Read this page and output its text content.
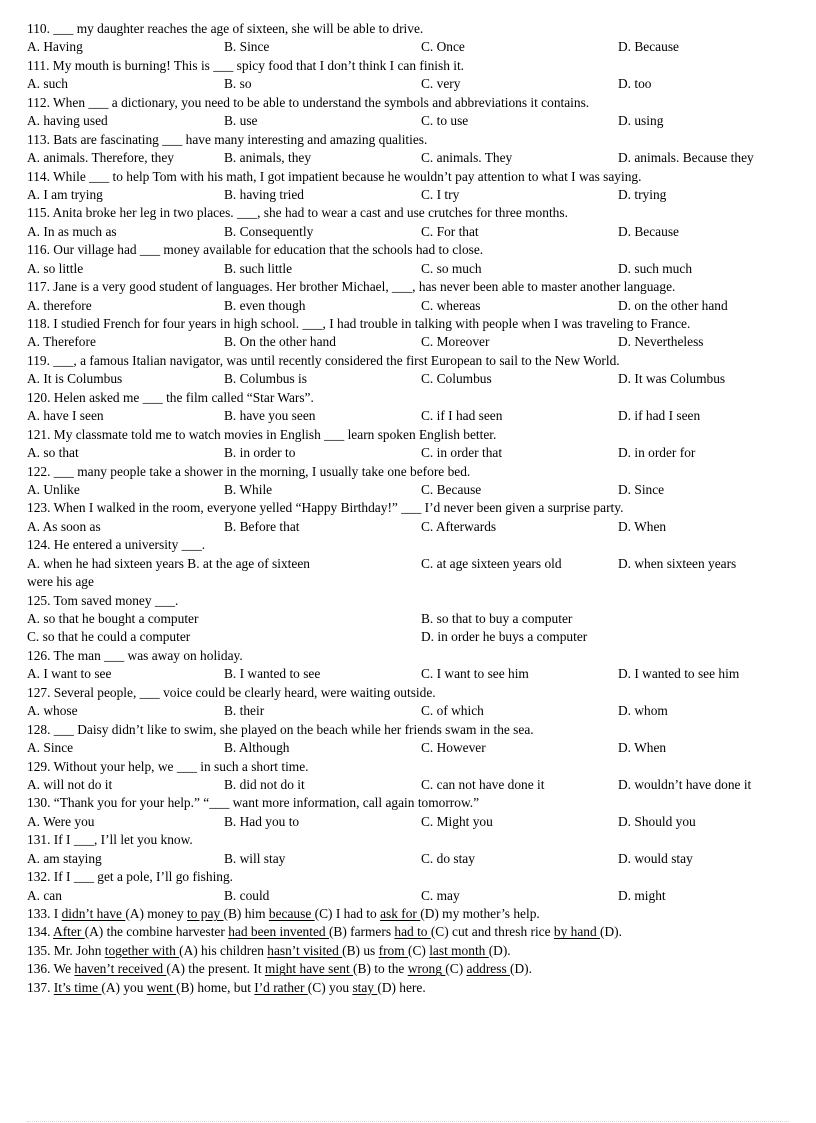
110. ___ my daughter reaches the age of sixteen, she will be able to drive.
A. Having	B. Since	C. Once	D. Because
111. My mouth is burning! This is ___ spicy food that I don’t think I can finish it.
A. such	B. so	C. very	D. too
112. When ___ a dictionary, you need to be able to understand the symbols and abbreviations it contains.
A. having used	B. use	C. to use	D. using
113. Bats are fascinating ___ have many interesting and amazing qualities.
A. animals. Therefore, they	B. animals, they	C. animals. They	D. animals. Because they
114. While ___ to help Tom with his math, I got impatient because he wouldn’t pay attention to what I was saying.
A. I am trying	B. having tried	C. I try	D. trying
115. Anita broke her leg in two places. ___, she had to wear a cast and use crutches for three months.
A. In as much as	B. Consequently	C. For that	D. Because
116. Our village had ___ money available for education that the schools had to close.
A. so little	B. such little	C. so much	D. such much
117. Jane is a very good student of languages. Her brother Michael, ___, has never been able to master another language.
A. therefore	B. even though	C. whereas	D. on the other hand
118. I studied French for four years in high school. ___, I had trouble in talking with people when I was traveling to France.
A. Therefore	B. On the other hand	C. Moreover	D. Nevertheless
119. ___, a famous Italian navigator, was until recently considered the first European to sail to the New World.
A. It is Columbus	B. Columbus is	C. Columbus	D. It was Columbus
120. Helen asked me ___ the film called “Star Wars”.
A. have I seen	B. have you seen	C. if I had seen	D. if had I seen
121. My classmate told me to watch movies in English ___ learn spoken English better.
A. so that	B. in order to	C. in order that	D. in order for
122. ___ many people take a shower in the morning, I usually take one before bed.
A. Unlike	B. While	C. Because	D. Since
123. When I walked in the room, everyone yelled “Happy Birthday!” ___ I’d never been given a surprise party.
A. As soon as	B. Before that	C. Afterwards	D. When
124. He entered a university ___.
A. when he had sixteen years B. at the age of sixteen	C. at age sixteen years old	D. when sixteen years
were his age
125. Tom saved money ___.
A. so that he bought a computer	B. so that to buy a computer
C. so that he could a computer	D. in order he buys a computer
126. The man ___ was away on holiday.
A. I want to see	B. I wanted to see	C. I want to see him	D. I wanted to see him
127. Several people, ___ voice could be clearly heard, were waiting outside.
A. whose	B. their	C. of which	D. whom
128. ___ Daisy didn’t like to swim, she played on the beach while her friends swam in the sea.
A. Since	B. Although	C. However	D. When
129. Without your help, we ___ in such a short time.
A. will not do it	B. did not do it	C. can not have done it	D. wouldn’t have done it
130. “Thank you for your help.” “___ want more information, call again tomorrow.”
A. Were you	B. Had you to	C. Might you	D. Should you
131. If I ___, I’ll let you know.
A. am staying	B. will stay	C. do stay	D. would stay
132. If I ___ get a pole, I’ll go fishing.
A. can	B. could	C. may	D. might
133. I didn’t have (A) money to pay (B) him because (C) I had to ask for (D) my mother’s help.
134. After (A) the combine harvester had been invented (B) farmers had to (C) cut and thresh rice by hand (D).
135. Mr. John together with (A) his children hasn’t visited (B) us from (C) last month (D).
136. We haven’t received (A) the present. It might have sent (B) to the wrong (C) address (D).
137. It’s time (A) you went (B) home, but I’d rather (C) you stay (D) here.
